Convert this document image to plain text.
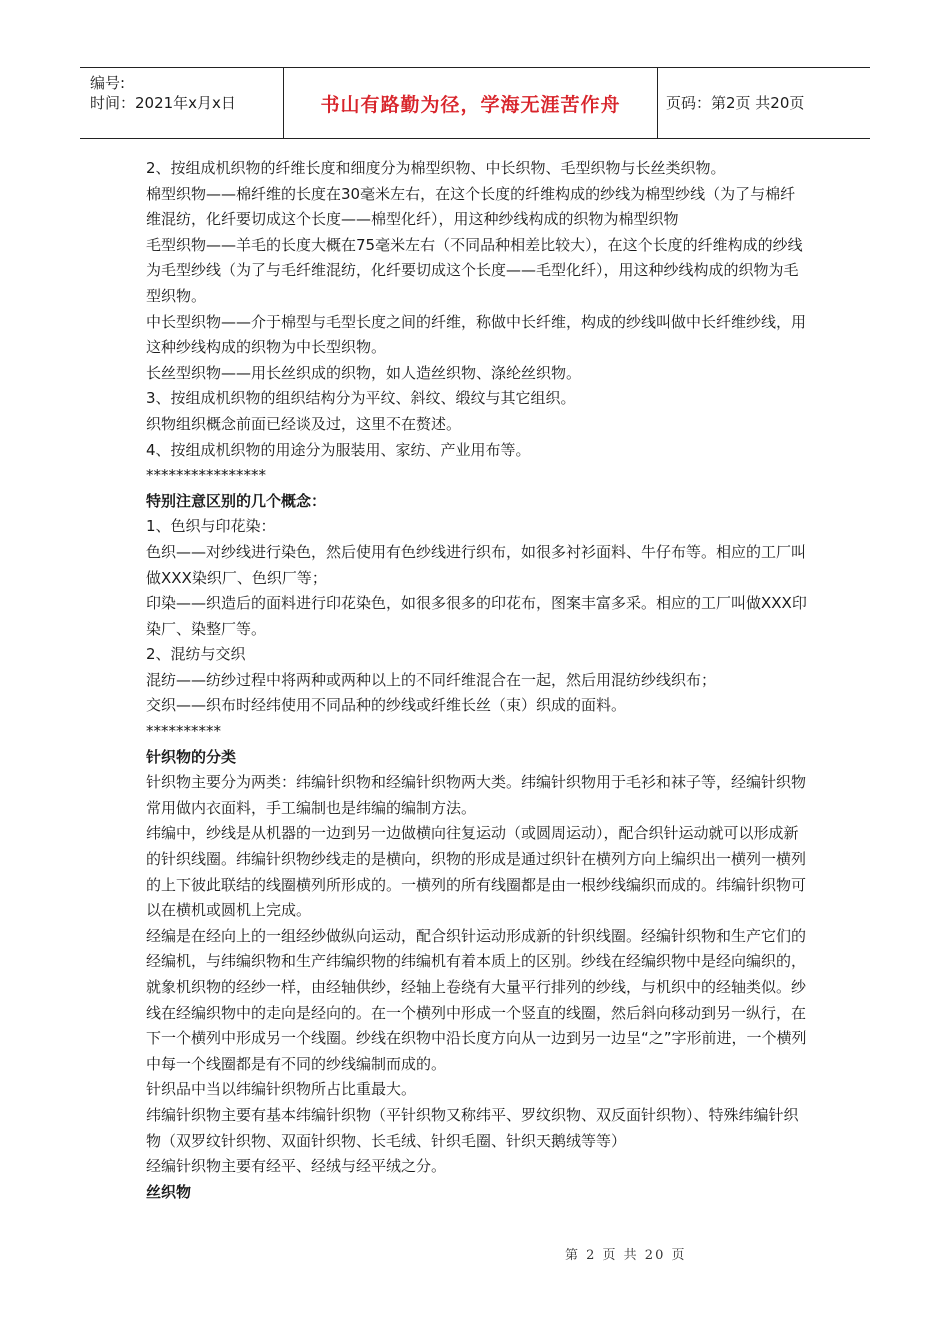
编号:
时间：2021年x月x日	书山有路勤为径，学海无涯苦作舟	页码：第2页 共20页

2、按组成机织物的纤维长度和细度分为棉型织物、中长织物、毛型织物与长丝类织物。

棉型织物——棉纤维的长度在30毫米左右，在这个长度的纤维构成的纱线为棉型纱线（为了与棉纤维混纺，化纤要切成这个长度——棉型化纤），用这种纱线构成的织物为棉型织物

毛型织物——羊毛的长度大概在75毫米左右（不同品种相差比较大），在这个长度的纤维构成的纱线为毛型纱线（为了与毛纤维混纺，化纤要切成这个长度——毛型化纤），用这种纱线构成的织物为毛型织物。

中长型织物——介于棉型与毛型长度之间的纤维，称做中长纤维，构成的纱线叫做中长纤维纱线，用这种纱线构成的织物为中长型织物。

长丝型织物——用长丝织成的织物，如人造丝织物、涤纶丝织物。

3、按组成机织物的组织结构分为平纹、斜纹、缎纹与其它组织。

织物组织概念前面已经谈及过，这里不在赘述。

4、按组成机织物的用途分为服装用、家纺、产业用布等。

****************

特别注意区别的几个概念：

1、色织与印花染：

色织——对纱线进行染色，然后使用有色纱线进行织布，如很多衬衫面料、牛仔布等。相应的工厂叫做XXX染织厂、色织厂等；

印染——织造后的面料进行印花染色，如很多很多的印花布，图案丰富多采。相应的工厂叫做XXX印染厂、染整厂等。

2、混纺与交织

混纺——纺纱过程中将两种或两种以上的不同纤维混合在一起，然后用混纺纱线织布；

交织——织布时经纬使用不同品种的纱线或纤维长丝（束）织成的面料。

**********

针织物的分类

针织物主要分为两类：纬编针织物和经编针织物两大类。纬编针织物用于毛衫和袜子等，经编针织物常用做内衣面料，手工编制也是纬编的编制方法。

纬编中，纱线是从机器的一边到另一边做横向往复运动（或圆周运动），配合织针运动就可以形成新的针织线圈。纬编针织物纱线走的是横向，织物的形成是通过织针在横列方向上编织出一横列一横列的上下彼此联结的线圈横列所形成的。一横列的所有线圈都是由一根纱线编织而成的。纬编针织物可以在横机或圆机上完成。

经编是在经向上的一组经纱做纵向运动，配合织针运动形成新的针织线圈。经编针织物和生产它们的经编机，与纬编织物和生产纬编织物的纬编机有着本质上的区别。纱线在经编织物中是经向编织的，就象机织物的经纱一样，由经轴供纱，经轴上卷绕有大量平行排列的纱线，与机织中的经轴类似。纱线在经编织物中的走向是经向的。在一个横列中形成一个竖直的线圈，然后斜向移动到另一纵行，在下一个横列中形成另一个线圈。纱线在织物中沿长度方向从一边到另一边呈“之”字形前进，一个横列中每一个线圈都是有不同的纱线编制而成的。

针织品中当以纬编针织物所占比重最大。

纬编针织物主要有基本纬编针织物（平针织物又称纬平、罗纹织物、双反面针织物）、特殊纬编针织物（双罗纹针织物、双面针织物、长毛绒、针织毛圈、针织天鹅绒等等）

经编针织物主要有经平、经绒与经平绒之分。

丝织物

第 2 页 共 20 页
